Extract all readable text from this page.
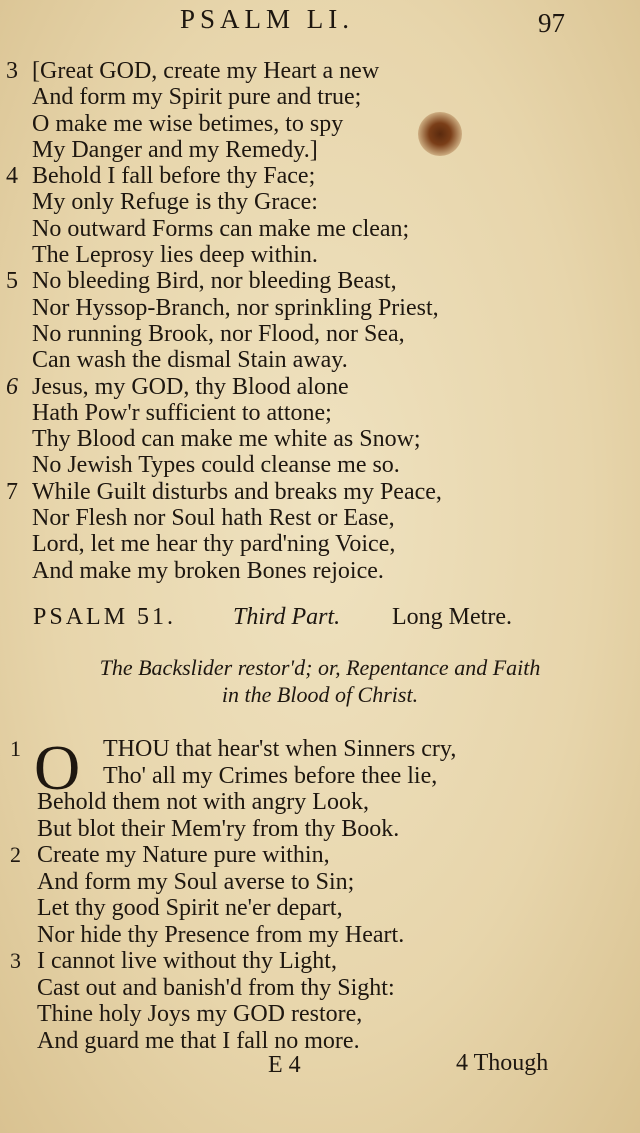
PSALM LI.	97
3 [Great GOD, create my Heart a new
And form my Spirit pure and true;
O make me wise betimes, to spy
My Danger and my Remedy.]
4 Behold I fall before thy Face;
My only Refuge is thy Grace:
No outward Forms can make me clean;
The Leprosy lies deep within.
5 No bleeding Bird, nor bleeding Beast,
Nor Hyssop-Branch, nor sprinkling Priest,
No running Brook, nor Flood, nor Sea,
Can wash the dismal Stain away.
6 Jesus, my GOD, thy Blood alone
Hath Pow'r sufficient to attone;
Thy Blood can make me white as Snow;
No Jewish Types could cleanse me so.
7 While Guilt disturbs and breaks my Peace,
Nor Flesh nor Soul hath Rest or Ease,
Lord, let me hear thy pard'ning Voice,
And make my broken Bones rejoice.
PSALM 51. Third Part. Long Metre.
The Backslider restor'd; or, Repentance and Faith
in the Blood of Christ.
O
1	THOU that hear'st when Sinners cry,
Tho' all my Crimes before thee lie,
Behold them not with angry Look,
But blot their Mem'ry from thy Book.
2 Create my Nature pure within,
And form my Soul averse to Sin;
Let thy good Spirit ne'er depart,
Nor hide thy Presence from my Heart.
3 I cannot live without thy Light,
Cast out and banish'd from thy Sight:
Thine holy Joys my GOD restore,
And guard me that I fall no more.
E 4	4 Though
